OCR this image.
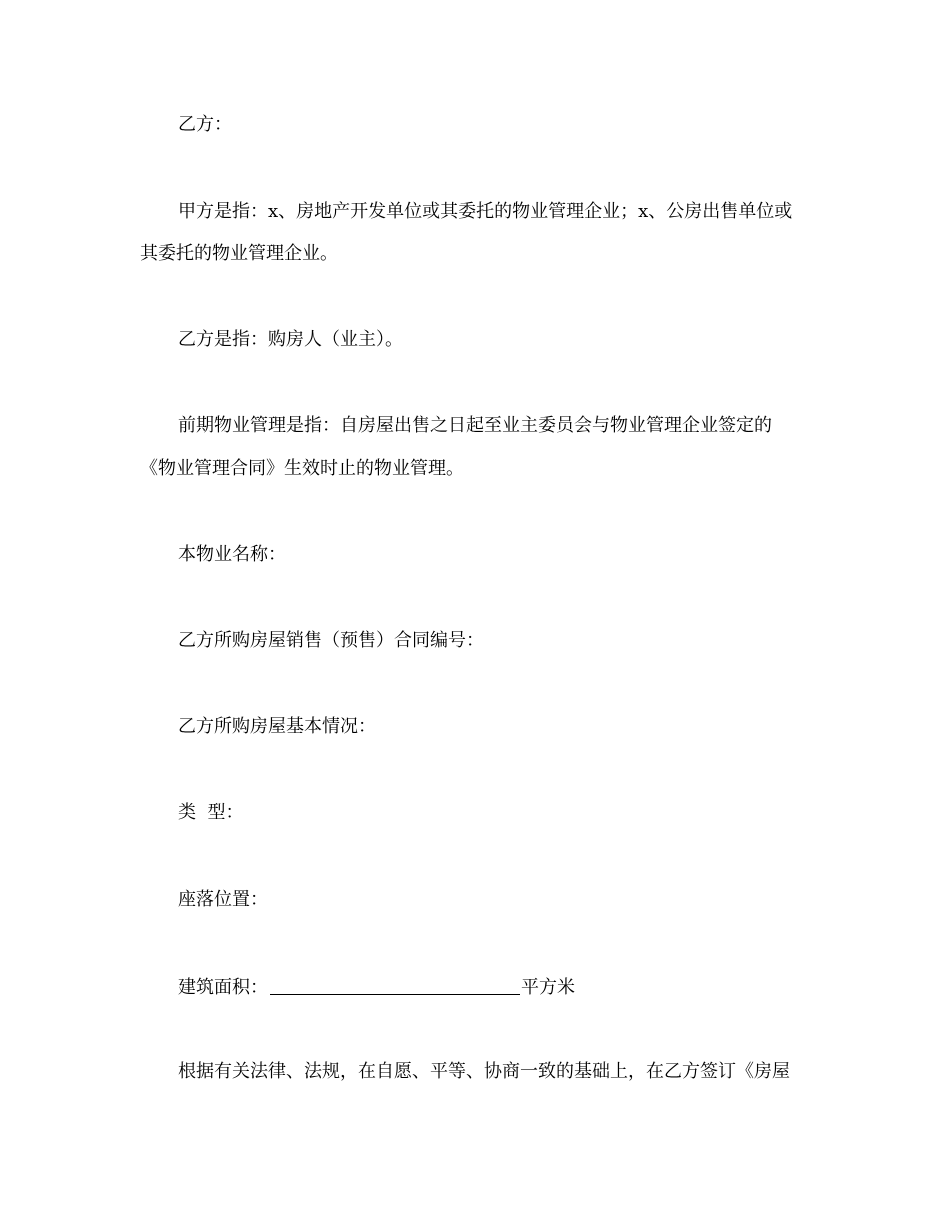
乙方：
甲方是指：x、房地产开发单位或其委托的物业管理企业；x、公房出售单位或
其委托的物业管理企业。
乙方是指：购房人（业主）。
前期物业管理是指：自房屋出售之日起至业主委员会与物业管理企业签定的
《物业管理合同》生效时止的物业管理。
本物业名称：
乙方所购房屋销售（预售）合同编号：
乙方所购房屋基本情况：
类  型：
座落位置：
建筑面积：	平方米
根据有关法律、法规，在自愿、平等、协商一致的基础上，在乙方签订《房屋
